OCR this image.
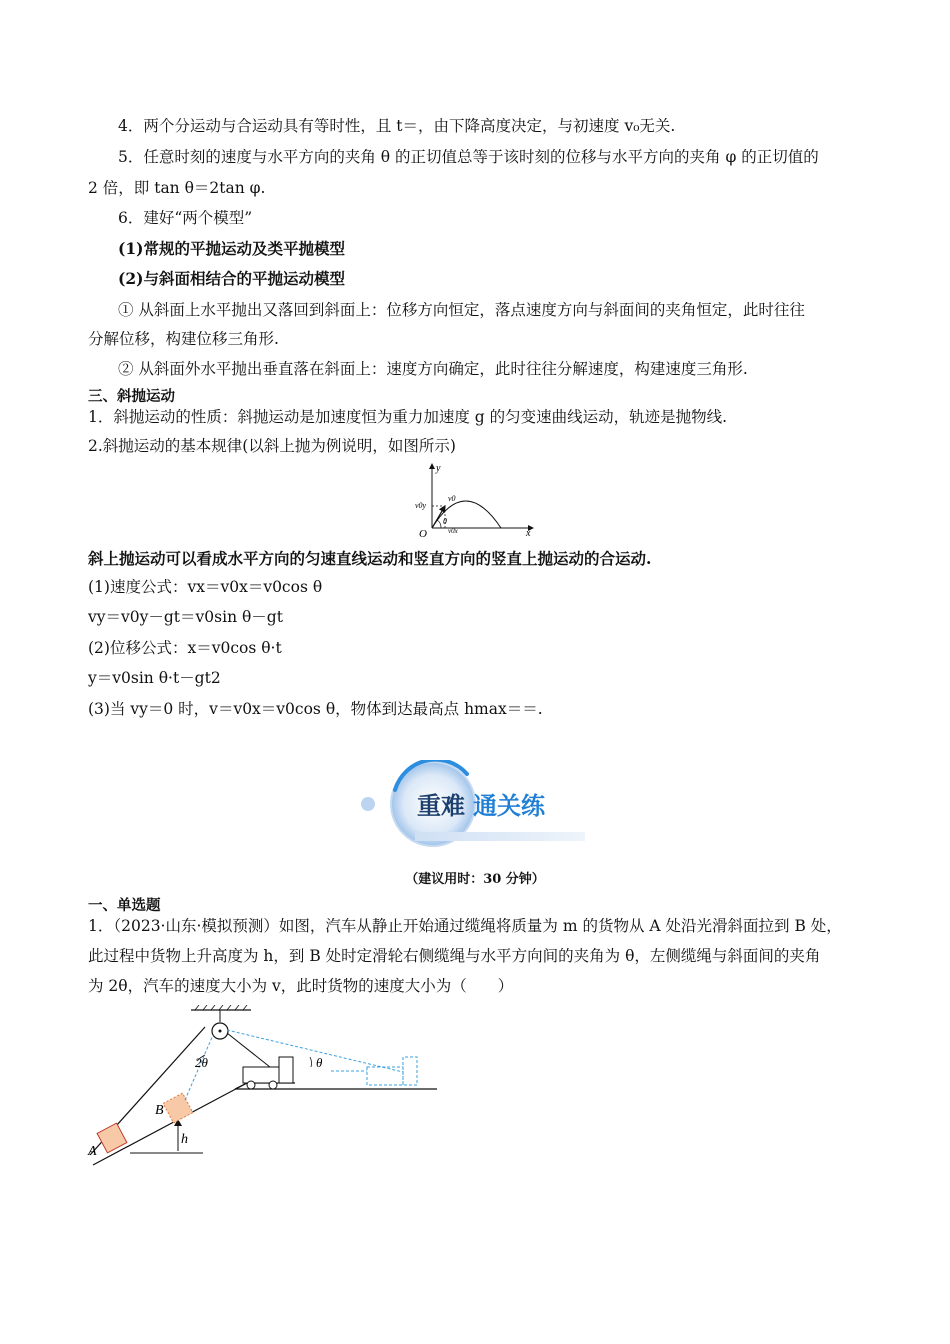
4．两个分运动与合运动具有等时性，且 t＝，由下降高度决定，与初速度 v₀无关.
5．任意时刻的速度与水平方向的夹角 θ 的正切值总等于该时刻的位移与水平方向的夹角 φ 的正切值的
2 倍，即 tan θ＝2tan φ.
6．建好“两个模型”
(1)常规的平抛运动及类平抛模型
(2)与斜面相结合的平抛运动模型
① 从斜面上水平抛出又落回到斜面上：位移方向恒定，落点速度方向与斜面间的夹角恒定，此时往往
分解位移，构建位移三角形.
② 从斜面外水平抛出垂直落在斜面上：速度方向确定，此时往往分解速度，构建速度三角形.
三、斜抛运动
1．斜抛运动的性质：斜抛运动是加速度恒为重力加速度 g 的匀变速曲线运动，轨迹是抛物线.
2.斜抛运动的基本规律(以斜上抛为例说明，如图所示)
y
x
O
v0
v0y
v0x
θ
斜上抛运动可以看成水平方向的匀速直线运动和竖直方向的竖直上抛运动的合运动.
(1)速度公式：vx＝v0x＝v0cos θ
vy＝v0y－gt＝v0sin θ－gt
(2)位移公式：x＝v0cos θ·t
y＝v0sin θ·t－gt2
(3)当 vy＝0 时，v＝v0x＝v0cos θ，物体到达最高点 hmax＝＝.
重难 通关练
（建议用时：30 分钟）
一、单选题
1．（2023·山东·模拟预测）如图，汽车从静止开始通过缆绳将质量为 m 的货物从 A 处沿光滑斜面拉到 B 处，
此过程中货物上升高度为 h，到 B 处时定滑轮右侧缆绳与水平方向间的夹角为 θ，左侧缆绳与斜面间的夹角
为 2θ，汽车的速度大小为 v，此时货物的速度大小为（　　）
A
B
h
2θ	θ
